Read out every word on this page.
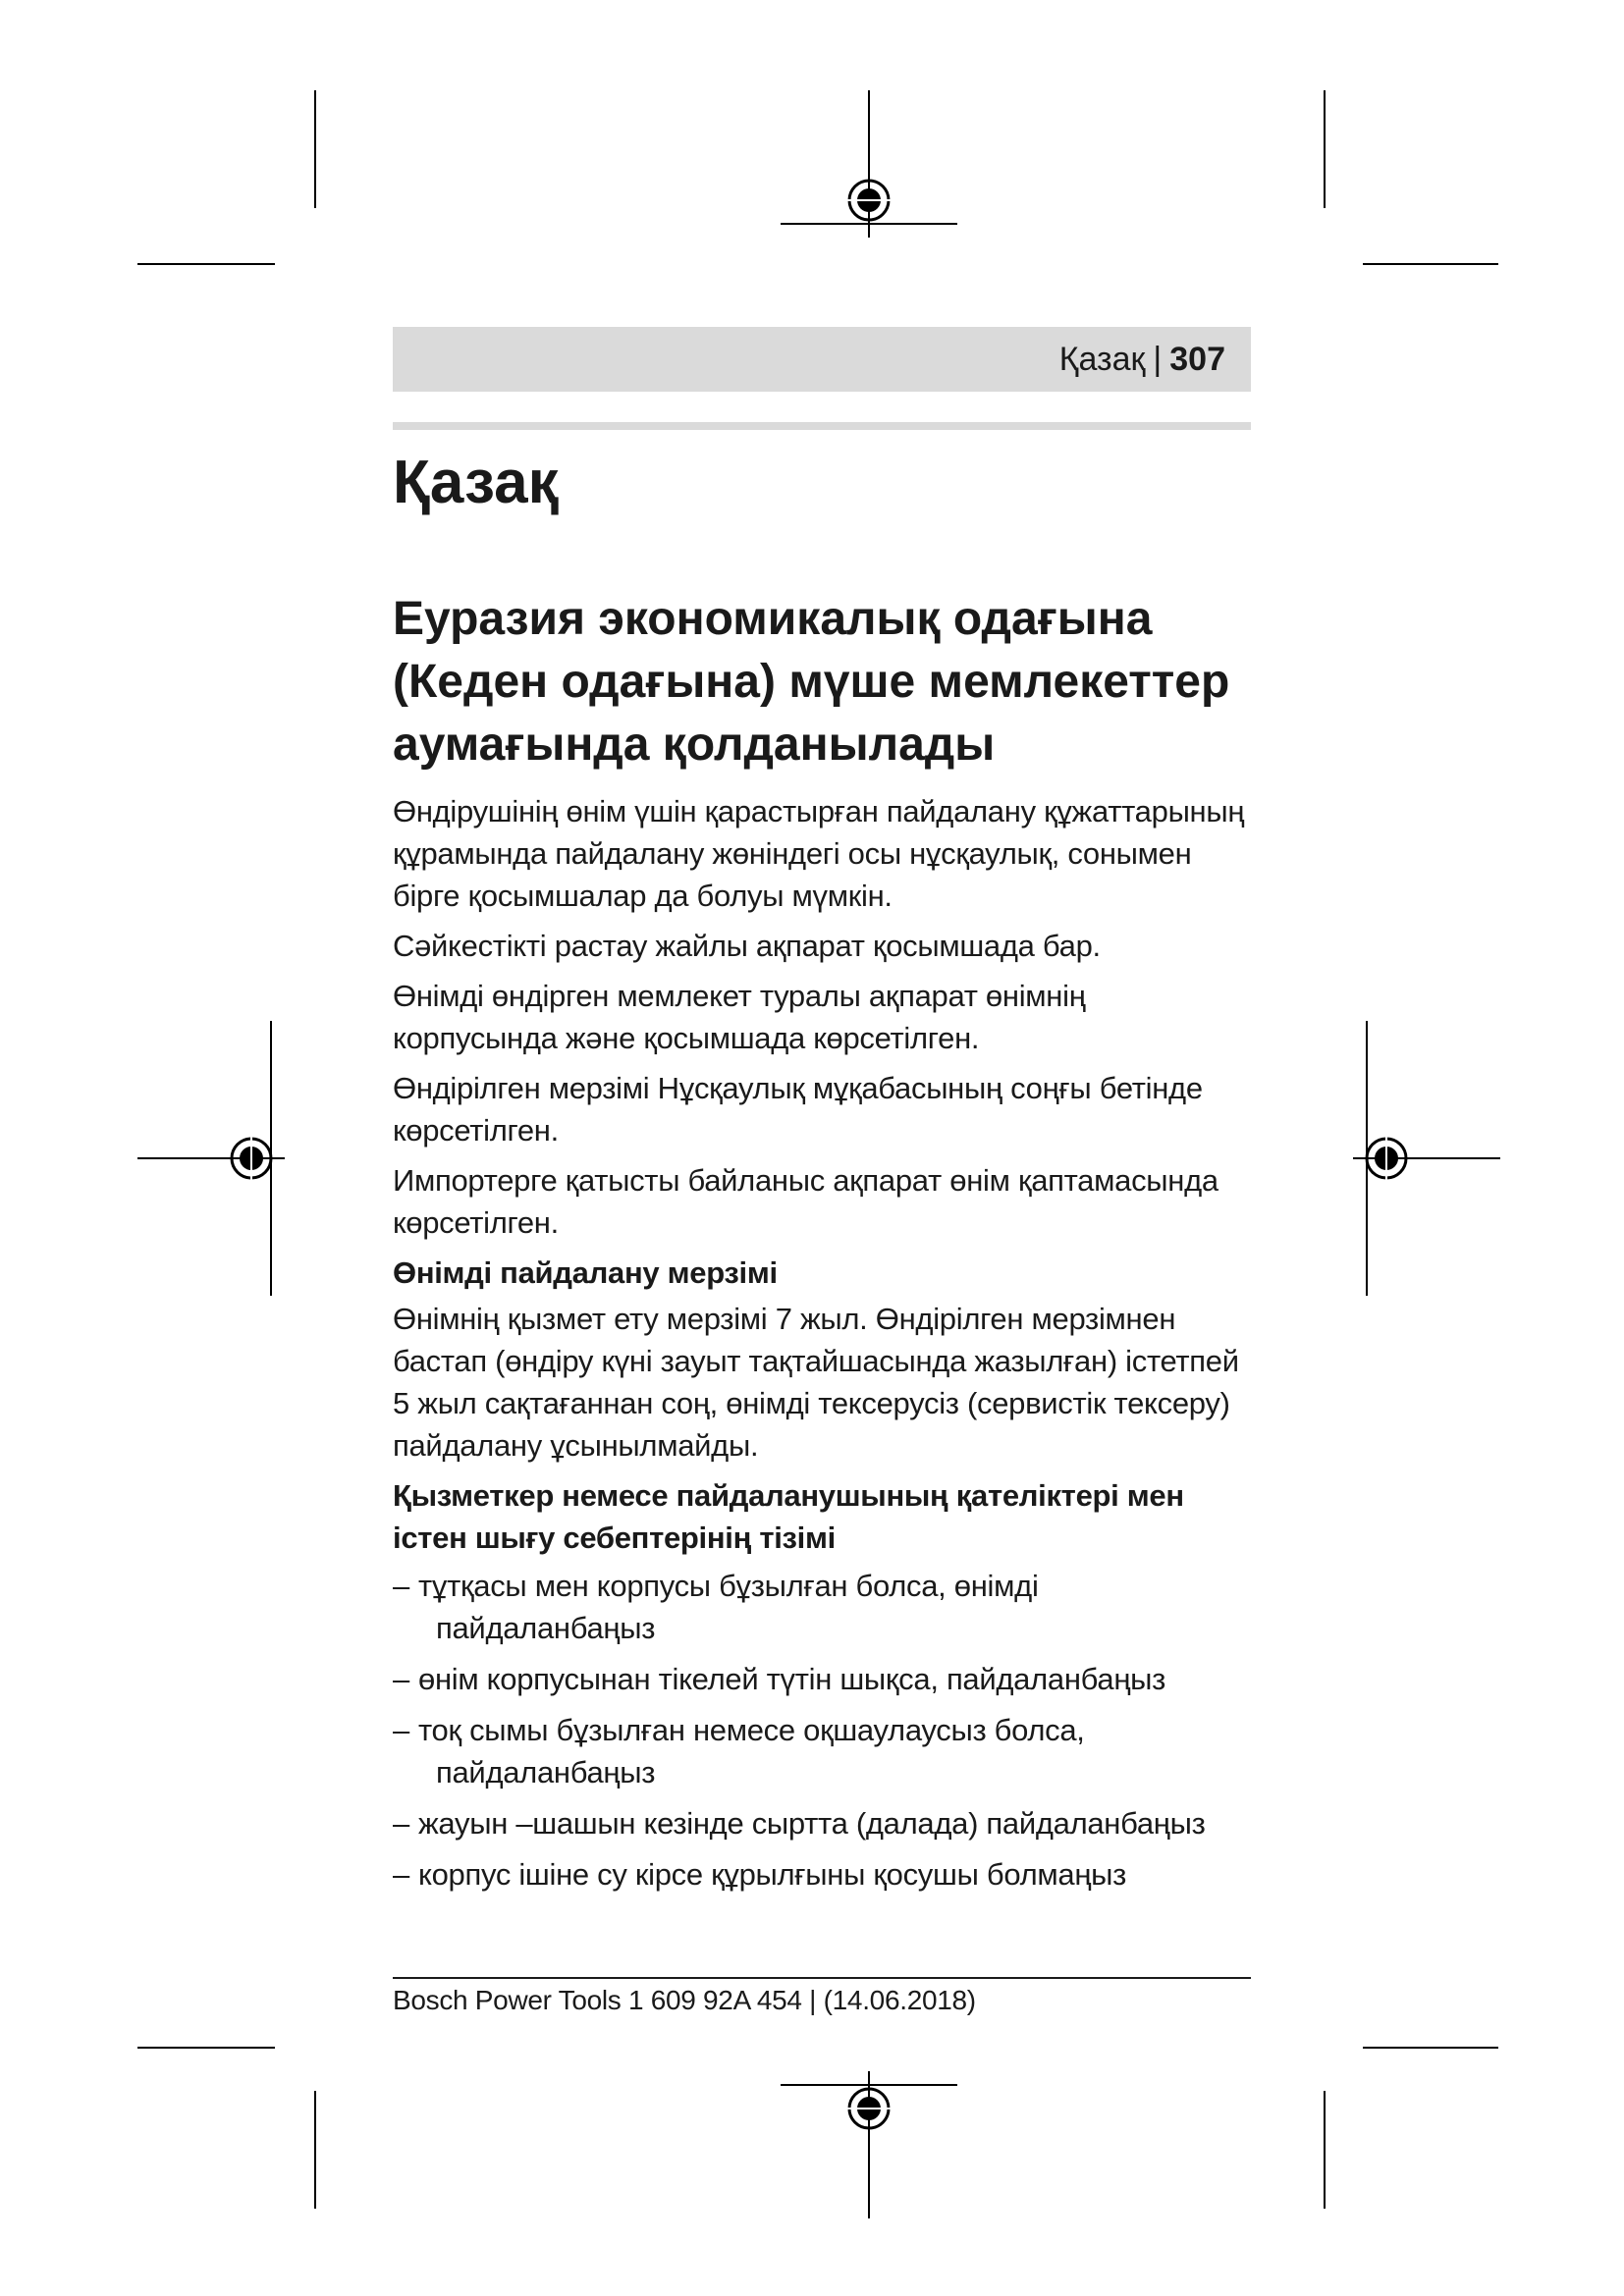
Қазақ | 307
Қазақ
Еуразия экономикалық одағына (Кеден одағына) мүше мемлекеттер аумағында қолданылады

Өндірушінің өнім үшін қарастырған пайдалану құжаттарының құрамында пайдалану жөніндегі осы нұсқаулық, сонымен бірге қосымшалар да болуы мүмкін.

Сәйкестікті растау жайлы ақпарат қосымшада бар.

Өнімді өндірген мемлекет туралы ақпарат өнімнің корпусында және қосымшада көрсетілген.

Өндірілген мерзімі Нұсқаулық мұқабасының соңғы бетінде көрсетілген.

Импортерге қатысты байланыс ақпарат өнім қаптамасында көрсетілген.

Өнімді пайдалану мерзімі

Өнімнің қызмет ету мерзімі 7 жыл. Өндірілген мерзімнен бастап (өндіру күні зауыт тақтайшасында жазылған) істетпей 5 жыл сақтағаннан соң, өнімді тексерусіз (сервистік тексеру) пайдалану ұсынылмайды.

Қызметкер немесе пайдаланушының қателіктері мен істен шығу себептерінің тізімі
– тұтқасы мен корпусы бұзылған болса, өнімді пайдаланбаңыз
– өнім корпусынан тікелей түтін шықса, пайдаланбаңыз
– тоқ сымы бұзылған немесе оқшаулаусыз болса, пайдаланбаңыз
– жауын –шашын кезінде сыртта (далада) пайдаланбаңыз
– корпус ішіне су кірсе құрылғыны қосушы болмаңыз
Bosch Power Tools 1 609 92A 454 | (14.06.2018)
